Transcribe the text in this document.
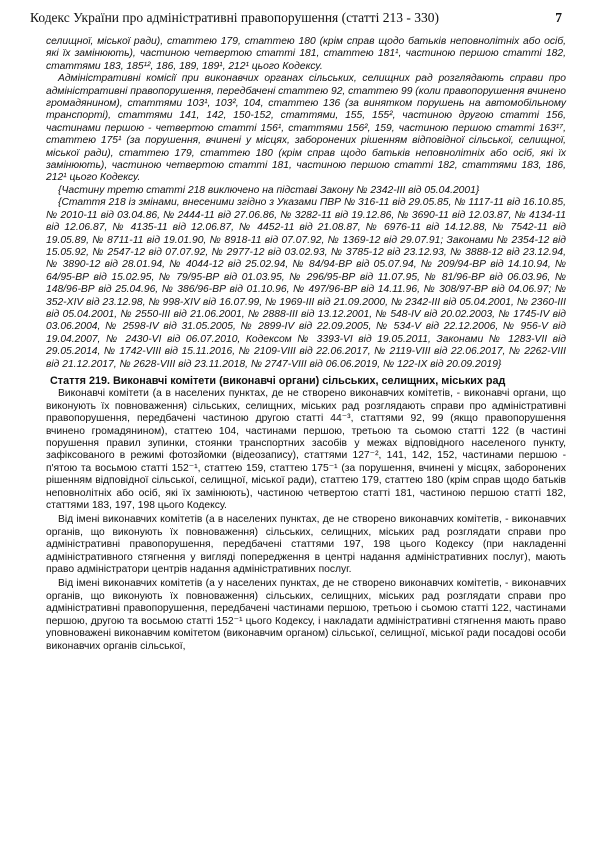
Кодекс України про адміністративні правопорушення (статті 213 - 330)	7

селищної, міської ради), статтею 179, статтею 180 (крім справ щодо батьків неповнолітніх або осіб, які їх замінюють), частиною четвертою статті 181, статтею 181¹, частиною першою статті 182, статтями 183, 185¹², 186, 189, 189¹, 212¹ цього Кодексу.

Адміністративні комісії при виконавчих органах сільських, селищних рад розглядають справи про адміністративні правопорушення, передбачені статтею 92, статтею 99 (коли правопорушення вчинено громадянином), статтями 103¹, 103², 104, статтею 136 (за винятком порушень на автомобільному транспорті), статтями 141, 142, 150-152, статтями, 155, 155², частиною другою статті 156, частинами першою - четвертою статті 156¹, статтями 156², 159, частиною першою статті 163¹⁷, статтею 175¹ (за порушення, вчинені у місцях, заборонених рішенням відповідної сільської, селищної, міської ради), статтею 179, статтею 180 (крім справ щодо батьків неповнолітніх або осіб, які їх замінюють), частиною четвертою статті 181, частиною першою статті 182, статтями 183, 186, 212¹ цього Кодексу.

{Частину третю статті 218 виключено на підставі Закону № 2342-III від 05.04.2001}

{Стаття 218 із змінами, внесеними згідно з Указами ПВР № 316-11 від 29.05.85, № 1117-11 від 16.10.85, № 2010-11 від 03.04.86, № 2444-11 від 27.06.86, № 3282-11 від 19.12.86, № 3690-11 від 12.03.87, № 4134-11 від 12.06.87, № 4135-11 від 12.06.87, № 4452-11 від 21.08.87, № 6976-11 від 14.12.88, № 7542-11 від 19.05.89, № 8711-11 від 19.01.90, № 8918-11 від 07.07.92, № 1369-12 від 29.07.91; Законами № 2354-12 від 15.05.92, № 2547-12 від 07.07.92, № 2977-12 від 03.02.93, № 3785-12 від 23.12.93, № 3888-12 від 23.12.94, № 3890-12 від 28.01.94, № 4044-12 від 25.02.94, № 84/94-ВР від 05.07.94, № 209/94-ВР від 14.10.94, № 64/95-ВР від 15.02.95, № 79/95-ВР від 01.03.95, № 296/95-ВР від 11.07.95, № 81/96-ВР від 06.03.96, № 148/96-ВР від 25.04.96, № 386/96-ВР від 01.10.96, № 497/96-ВР від 14.11.96, № 308/97-ВР від 04.06.97; № 352-XIV від 23.12.98, № 998-XIV від 16.07.99, № 1969-III від 21.09.2000, № 2342-III від 05.04.2001, № 2360-III від 05.04.2001, № 2550-III від 21.06.2001, № 2888-III від 13.12.2001, № 548-IV від 20.02.2003, № 1745-IV від 03.06.2004, № 2598-IV від 31.05.2005, № 2899-IV від 22.09.2005, № 534-V від 22.12.2006, № 956-V від 19.04.2007, № 2430-VI від 06.07.2010, Кодексом № 3393-VI від 19.05.2011, Законами № 1283-VII від 29.05.2014, № 1742-VIII від 15.11.2016, № 2109-VIII від 22.06.2017, № 2119-VIII від 22.06.2017, № 2262-VIII від 21.12.2017, № 2628-VIII від 23.11.2018, № 2747-VIII від 06.06.2019, № 122-IX від 20.09.2019}

Стаття 219. Виконавчі комітети (виконавчі органи) сільських, селищних, міських рад

Виконавчі комітети (а в населених пунктах, де не створено виконавчих комітетів, - виконавчі органи, що виконують їх повноваження) сільських, селищних, міських рад розглядають справи про адміністративні правопорушення, передбачені частиною другою статті 44⁻³, статтями 92, 99 (якщо правопорушення вчинено громадянином), статтею 104, частинами першою, третьою та сьомою статті 122 (в частині порушення правил зупинки, стоянки транспортних засобів у межах відповідного населеного пункту, зафіксованого в режимі фотозйомки (відеозапису), статтями 127⁻², 141, 142, 152, частинами першою - п'ятою та восьмою статті 152⁻¹, статтею 159, статтею 175⁻¹ (за порушення, вчинені у місцях, заборонених рішенням відповідної сільської, селищної, міської ради), статтею 179, статтею 180 (крім справ щодо батьків неповнолітніх або осіб, які їх замінюють), частиною четвертою статті 181, частиною першою статті 182, статтями 183, 197, 198 цього Кодексу.

Від імені виконавчих комітетів (а в населених пунктах, де не створено виконавчих комітетів, - виконавчих органів, що виконують їх повноваження) сільських, селищних, міських рад розглядати справи про адміністративні правопорушення, передбачені статтями 197, 198 цього Кодексу (при накладенні адміністративного стягнення у вигляді попередження в центрі надання адміністративних послуг), мають право адміністратори центрів надання адміністративних послуг.

Від імені виконавчих комітетів (а у населених пунктах, де не створено виконавчих комітетів, - виконавчих органів, що виконують їх повноваження) сільських, селищних, міських рад розглядати справи про адміністративні правопорушення, передбачені частинами першою, третьою і сьомою статті 122, частинами першою, другою та восьмою статті 152⁻¹ цього Кодексу, і накладати адміністративні стягнення мають право уповноважені виконавчим комітетом (виконавчим органом) сільської, селищної, міської ради посадові особи виконавчих органів сільської,
